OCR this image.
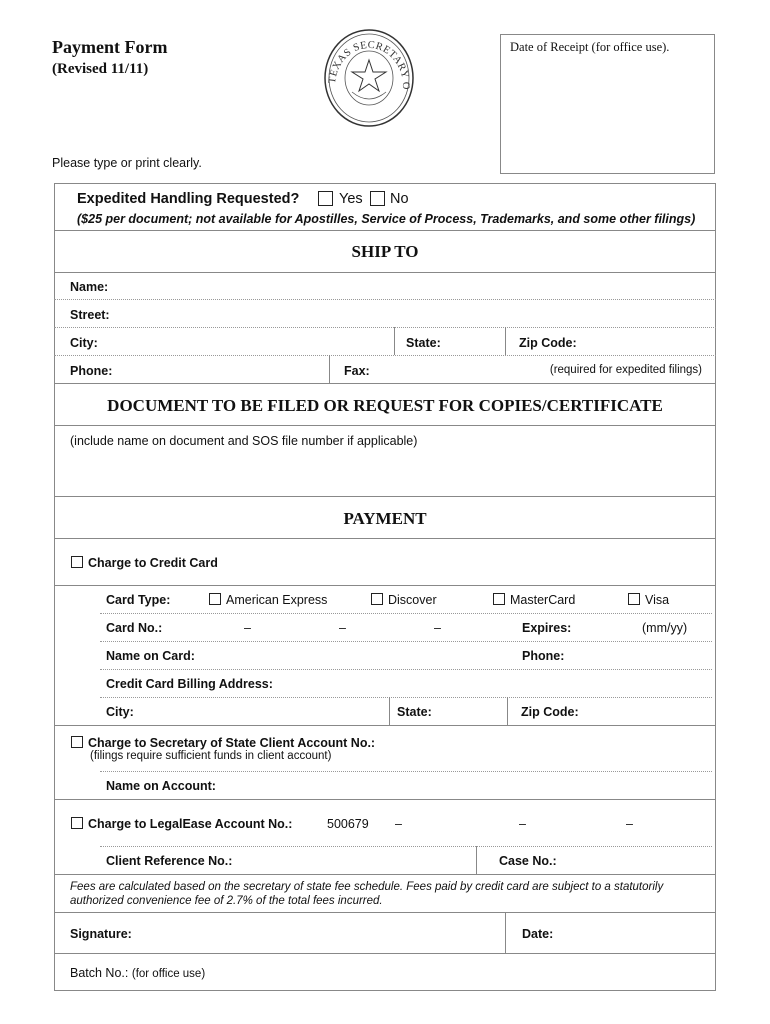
Payment Form
(Revised 11/11)
TEXAS SECRETARY O
Date of Receipt (for office use).
Please type or print clearly.
Expedited Handling Requested?	Yes No
($25 per document; not available for Apostilles, Service of Process, Trademarks, and some other filings)
SHIP TO
Name:
Street:
City:	State:	Zip Code:
Phone:	Fax:	(required for expedited filings)
DOCUMENT TO BE FILED OR REQUEST FOR COPIES/CERTIFICATE
(include name on document and SOS file number if applicable)
PAYMENT
Charge to Credit Card
Card Type:	American Express	Discover	MasterCard	Visa
Card No.:	–	–	–	Expires:	(mm/yy)
Name on Card:	Phone:
Credit Card Billing Address:
City:	State:	Zip Code:
Charge to Secretary of State Client Account No.:
(filings require sufficient funds in client account)
Name on Account:
Charge to LegalEase Account No.:	500679 –	–	–
Client Reference No.:	Case No.:
Fees are calculated based on the secretary of state fee schedule. Fees paid by credit card are subject to a statutorily authorized convenience fee of 2.7% of the total fees incurred.
Signature:	Date:
Batch No.: (for office use)
